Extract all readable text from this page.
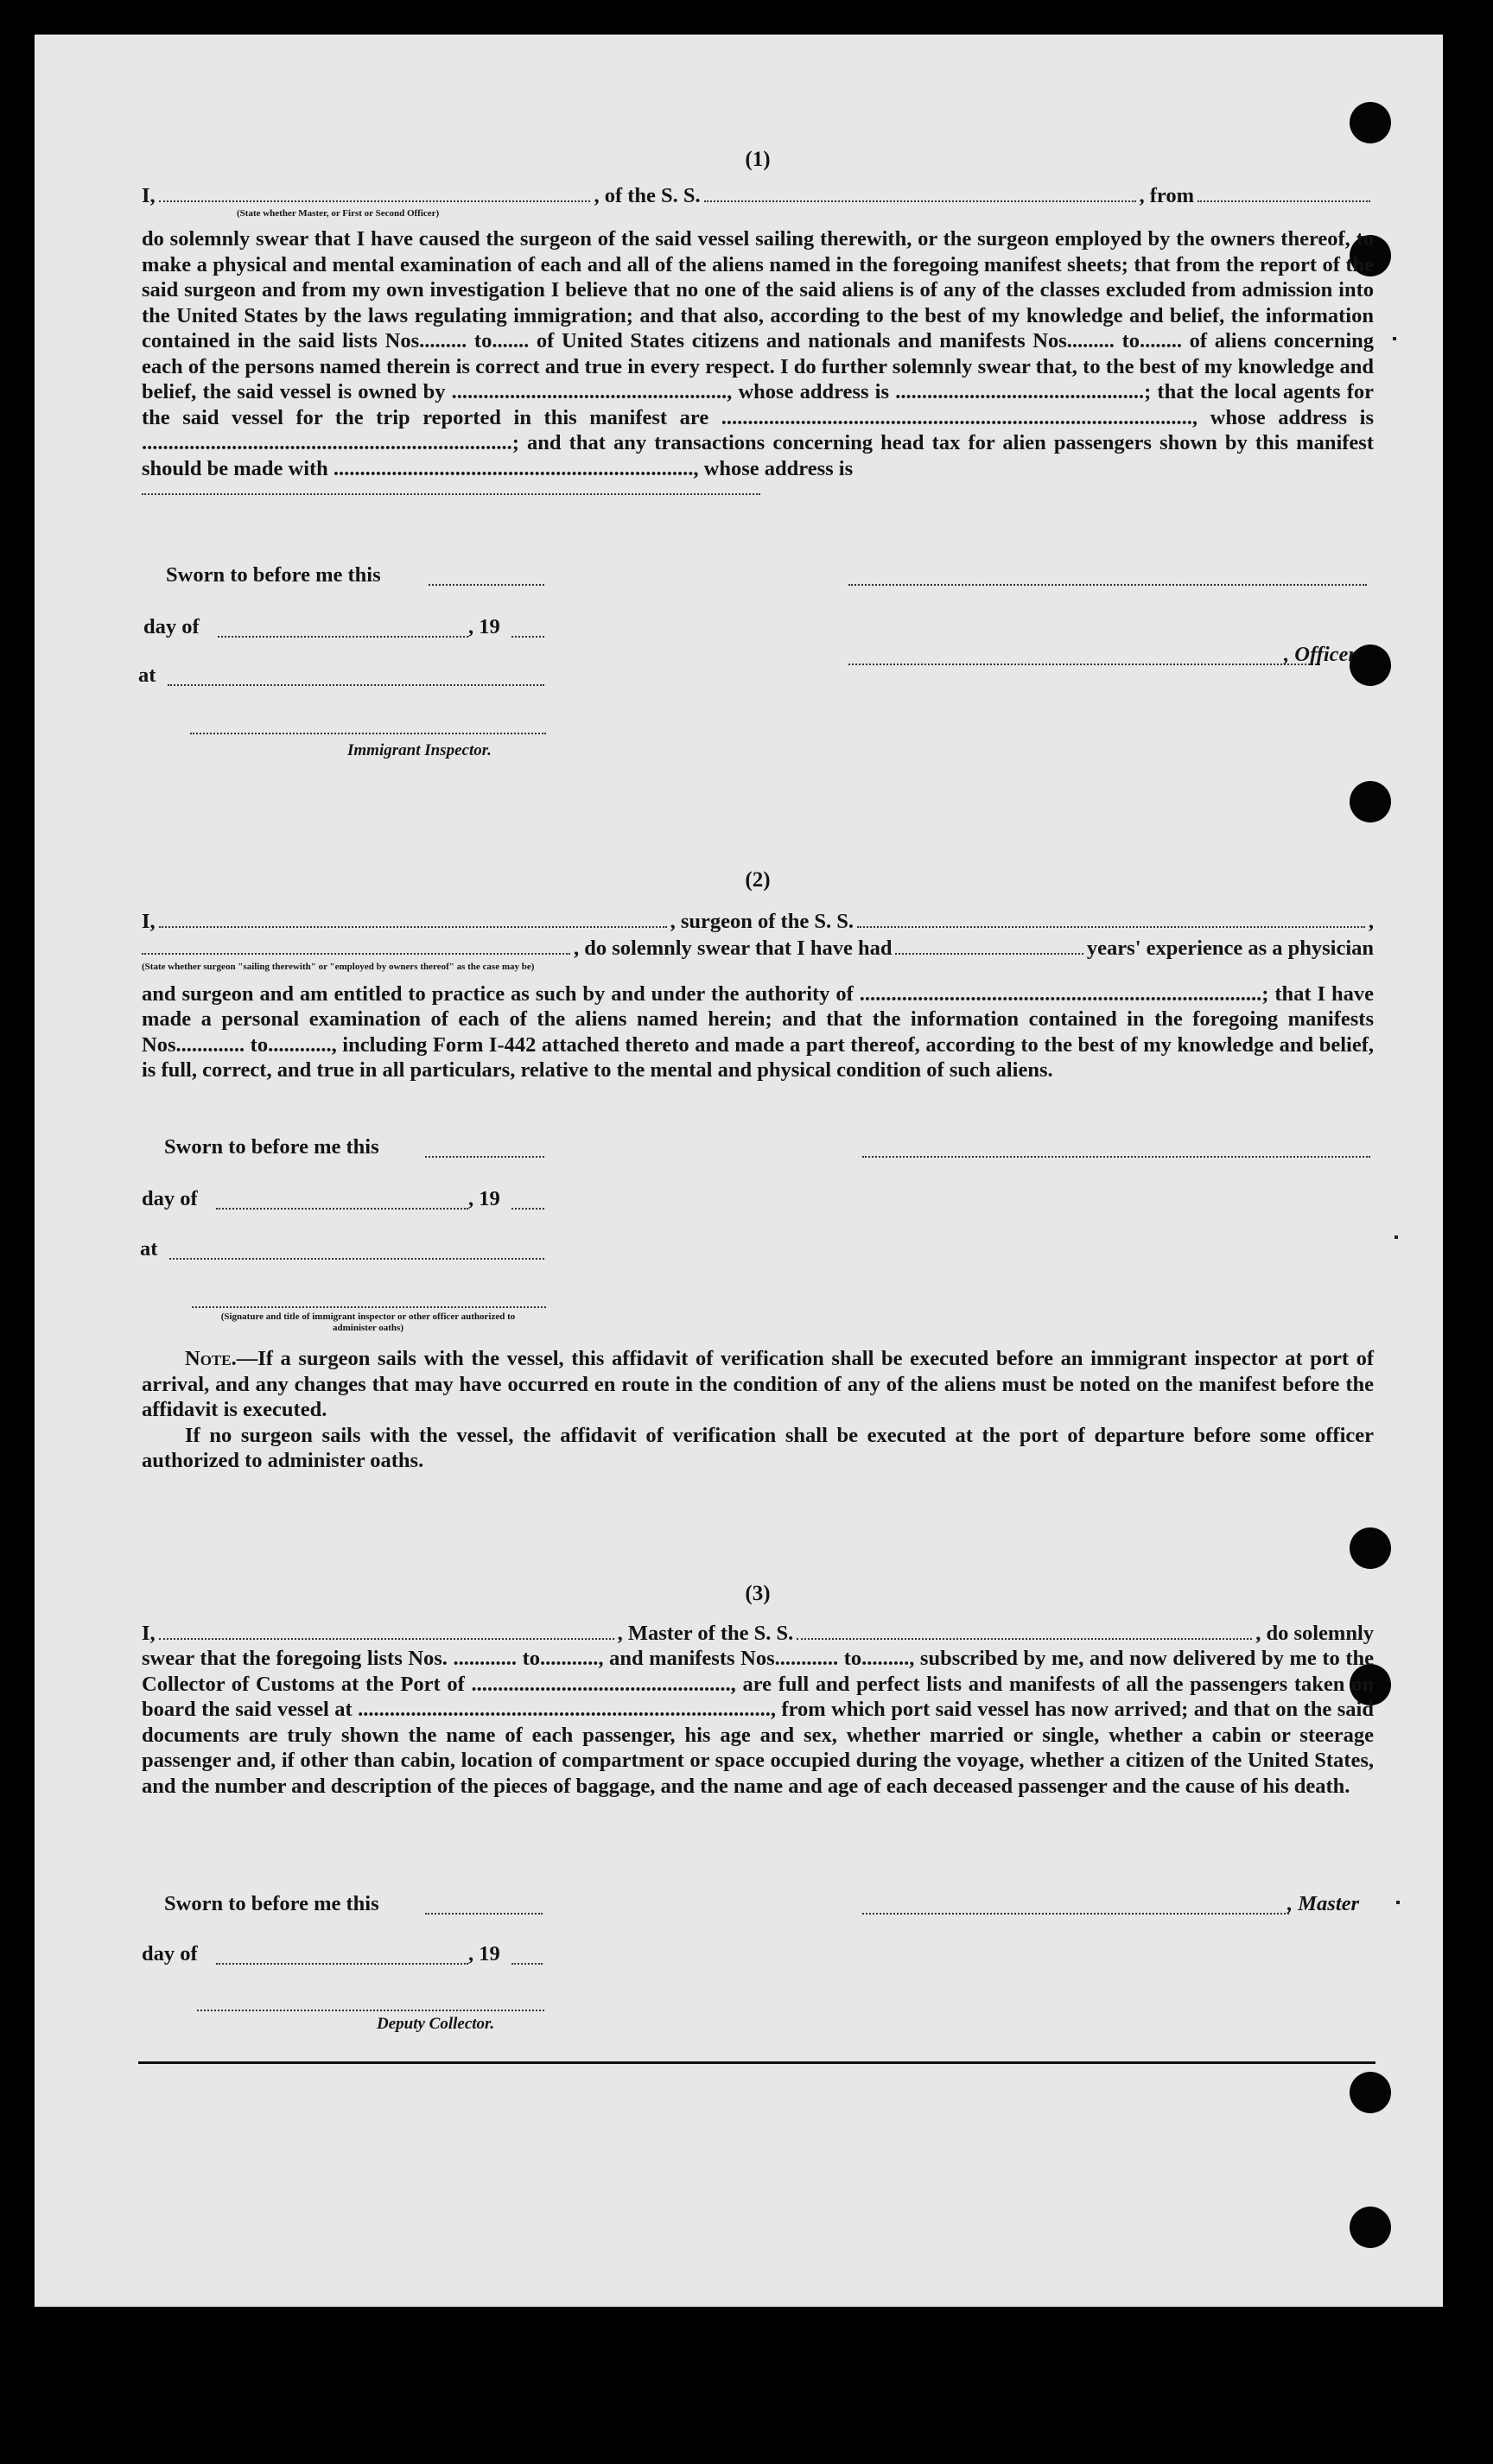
(1)
I,	, of the S. S.	, from
(State whether Master, or First or Second Officer)

do solemnly swear that I have caused the surgeon of the said vessel sailing therewith, or the surgeon employed by the owners thereof, to make a physical and mental examination of each and all of the aliens named in the foregoing manifest sheets; that from the report of the said surgeon and from my own investigation I believe that no one of the said aliens is of any of the classes excluded from admission into the United States by the laws regulating immigration; and that also, according to the best of my knowledge and belief, the information contained in the said lists Nos......... to....... of United States citizens and nationals and manifests Nos......... to........ of aliens concerning each of the persons named therein is correct and true in every respect. I do further solemnly swear that, to the best of my knowledge and belief, the said vessel is owned by ...................................................., whose address is ...............................................; that the local agents for the said vessel for the trip reported in this manifest are ........................................................................................., whose address is ......................................................................; and that any transactions concerning head tax for alien passengers shown by this manifest should be made with ...................................................................., whose address is

Sworn to before me this
day of	, 19
, Officer
at
Immigrant Inspector.
(2)
I,	, surgeon of the S. S.	,
, do solemnly swear that I have had	years' experience as a physician
(State whether surgeon "sailing therewith" or "employed by owners thereof" as the case may be)
and surgeon and am entitled to practice as such by and under the authority of ............................................................................; that I have made a personal examination of each of the aliens named herein; and that the information contained in the foregoing manifests Nos............. to............, including Form I-442 attached thereto and made a part thereof, according to the best of my knowledge and belief, is full, correct, and true in all particulars, relative to the mental and physical condition of such aliens.
Sworn to before me this
day of	, 19
at
(Signature and title of immigrant inspector or other officer authorized to administer oaths)

Note.—If a surgeon sails with the vessel, this affidavit of verification shall be executed before an immigrant inspector at port of arrival, and any changes that may have occurred en route in the condition of any of the aliens must be noted on the manifest before the affidavit is executed.

If no surgeon sails with the vessel, the affidavit of verification shall be executed at the port of departure before some officer authorized to administer oaths.

(3)
I,	, Master of the S. S.	, do solemnly
swear that the foregoing lists Nos. ............ to..........., and manifests Nos............ to........., subscribed by me, and now delivered by me to the Collector of Customs at the Port of ................................................., are full and perfect lists and manifests of all the passengers taken on board the said vessel at .............................................................................., from which port said vessel has now arrived; and that on the said documents are truly shown the name of each passenger, his age and sex, whether married or single, whether a cabin or steerage passenger and, if other than cabin, location of compartment or space occupied during the voyage, whether a citizen of the United States, and the number and description of the pieces of baggage, and the name and age of each deceased passenger and the cause of his death.
Sworn to before me this	, Master
day of	, 19
Deputy Collector.
